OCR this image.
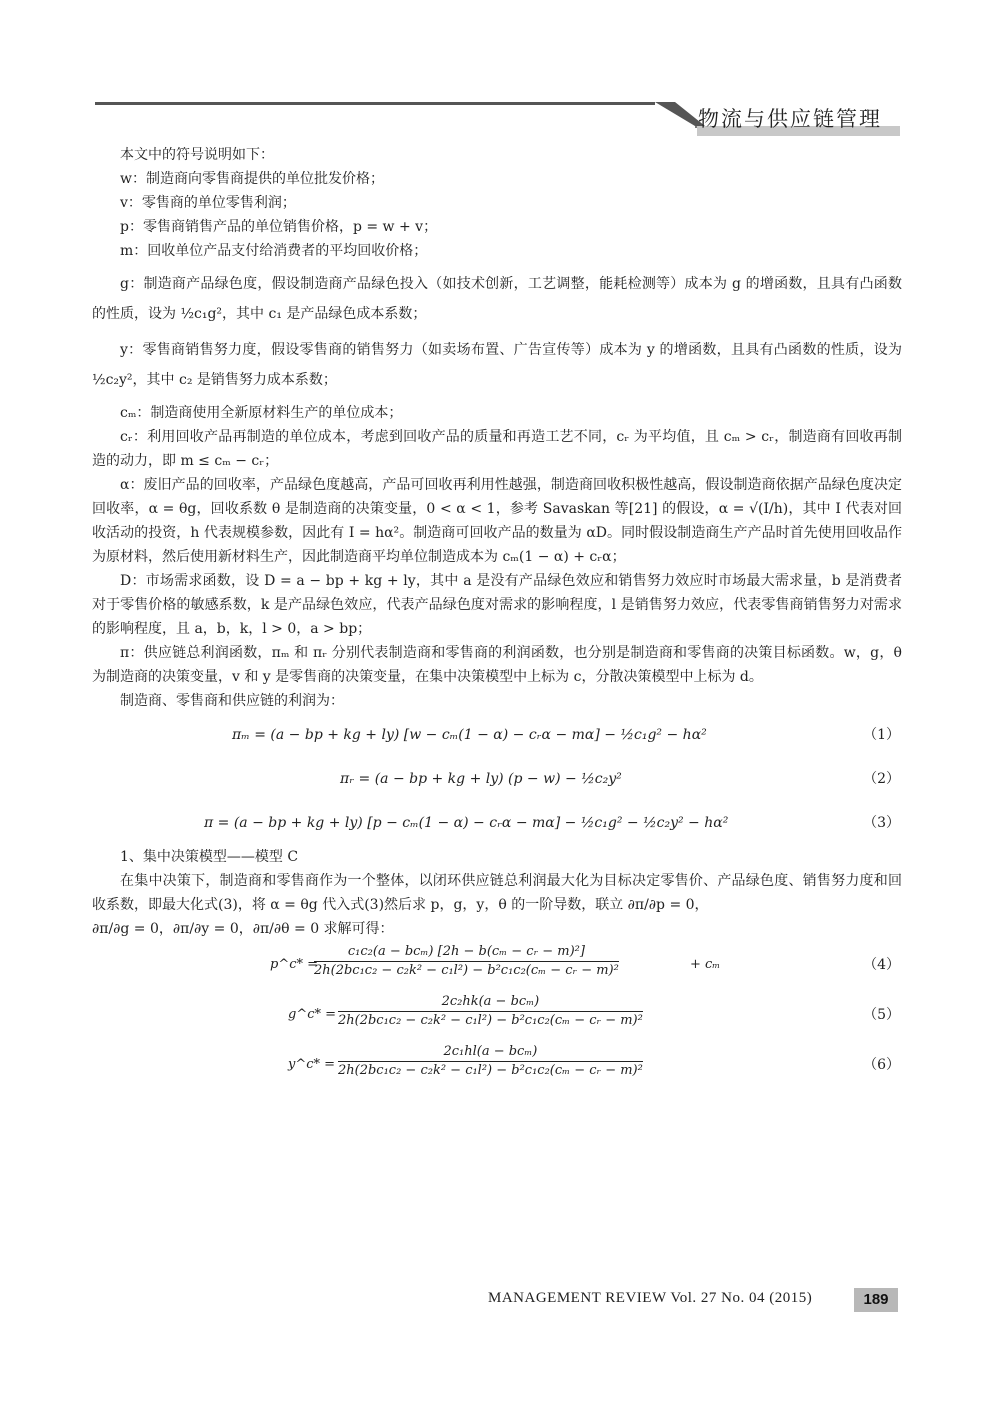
物流与供应链管理

本文中的符号说明如下：

w：制造商向零售商提供的单位批发价格；

v：零售商的单位零售利润；

p：零售商销售产品的单位销售价格，p = w + v；

m：回收单位产品支付给消费者的平均回收价格；

g：制造商产品绿色度，假设制造商产品绿色投入（如技术创新，工艺调整，能耗检测等）成本为 g 的增函数，且具有凸函数的性质，设为 ½c₁g²，其中 c₁ 是产品绿色成本系数；

y：零售商销售努力度，假设零售商的销售努力（如卖场布置、广告宣传等）成本为 y 的增函数，且具有凸函数的性质，设为 ½c₂y²，其中 c₂ 是销售努力成本系数；

cₘ：制造商使用全新原材料生产的单位成本；

cᵣ：利用回收产品再制造的单位成本，考虑到回收产品的质量和再造工艺不同，cᵣ 为平均值，且 cₘ > cᵣ，制造商有回收再制造的动力，即 m ≤ cₘ − cᵣ；

α：废旧产品的回收率，产品绿色度越高，产品可回收再利用性越强，制造商回收积极性越高，假设制造商依据产品绿色度决定回收率，α = θg，回收系数 θ 是制造商的决策变量，0 < α < 1，参考 Savaskan 等[21] 的假设，α = √(I/h)，其中 I 代表对回收活动的投资，h 代表规模参数，因此有 I = hα²。制造商可回收产品的数量为 αD。同时假设制造商生产产品时首先使用回收品作为原材料，然后使用新材料生产，因此制造商平均单位制造成本为 cₘ(1 − α) + cᵣα；

D：市场需求函数，设 D = a − bp + kg + ly，其中 a 是没有产品绿色效应和销售努力效应时市场最大需求量，b 是消费者对于零售价格的敏感系数，k 是产品绿色效应，代表产品绿色度对需求的影响程度，l 是销售努力效应，代表零售商销售努力对需求的影响程度，且 a，b，k，l > 0，a > bp；

π：供应链总利润函数，πₘ 和 πᵣ 分别代表制造商和零售商的利润函数，也分别是制造商和零售商的决策目标函数。w，g，θ 为制造商的决策变量，v 和 y 是零售商的决策变量，在集中决策模型中上标为 c，分散决策模型中上标为 d。

制造商、零售商和供应链的利润为：

πₘ = (a − bp + kg + ly) [w − cₘ(1 − α) − cᵣα − mα] − ½c₁g² − hα²	（1）
πᵣ = (a − bp + kg + ly) (p − w) − ½c₂y²	（2）
π = (a − bp + kg + ly) [p − cₘ(1 − α) − cᵣα − mα] − ½c₁g² − ½c₂y² − hα²	（3）

1、集中决策模型——模型 C

在集中决策下，制造商和零售商作为一个整体，以闭环供应链总利润最大化为目标决定零售价、产品绿色度、销售努力度和回收系数，即最大化式(3)，将 α = θg 代入式(3)然后求 p，g，y，θ 的一阶导数，联立 ∂π/∂p = 0，

∂π/∂g = 0，∂π/∂y = 0，∂π/∂θ = 0 求解可得：

p^c* =
c₁c₂(a − bcₘ) [2h − b(cₘ − cᵣ − m)²]
2h(2bc₁c₂ − c₂k² − c₁l²) − b²c₁c₂(cₘ − cᵣ − m)²	+ cₘ	（4）
g^c* =
2c₂hk(a − bcₘ)
2h(2bc₁c₂ − c₂k² − c₁l²) − b²c₁c₂(cₘ − cᵣ − m)²	（5）
y^c* =
2c₁hl(a − bcₘ)
2h(2bc₁c₂ − c₂k² − c₁l²) − b²c₁c₂(cₘ − cᵣ − m)²	（6）
MANAGEMENT REVIEW Vol. 27 No. 04 (2015)	189
